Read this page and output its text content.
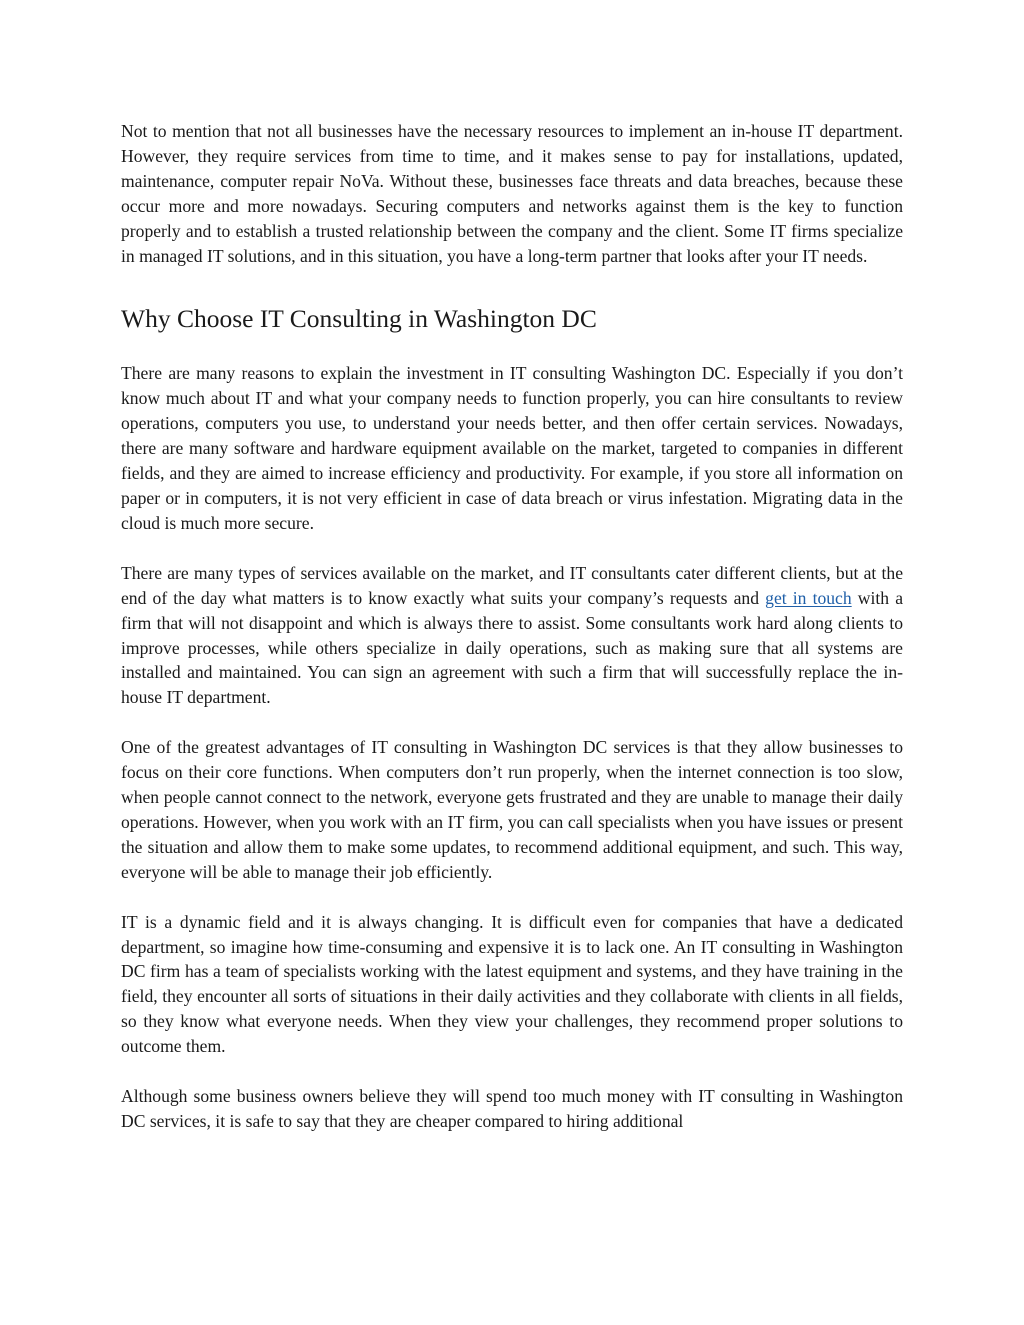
Not to mention that not all businesses have the necessary resources to implement an in-house IT department. However, they require services from time to time, and it makes sense to pay for installations, updated, maintenance, computer repair NoVa. Without these, businesses face threats and data breaches, because these occur more and more nowadays. Securing computers and networks against them is the key to function properly and to establish a trusted relationship between the company and the client. Some IT firms specialize in managed IT solutions, and in this situation, you have a long-term partner that looks after your IT needs.

Why Choose IT Consulting in Washington DC

There are many reasons to explain the investment in IT consulting Washington DC. Especially if you don’t know much about IT and what your company needs to function properly, you can hire consultants to review operations, computers you use, to understand your needs better, and then offer certain services. Nowadays, there are many software and hardware equipment available on the market, targeted to companies in different fields, and they are aimed to increase efficiency and productivity. For example, if you store all information on paper or in computers, it is not very efficient in case of data breach or virus infestation. Migrating data in the cloud is much more secure.

There are many types of services available on the market, and IT consultants cater different clients, but at the end of the day what matters is to know exactly what suits your company’s requests and get in touch with a firm that will not disappoint and which is always there to assist. Some consultants work hard along clients to improve processes, while others specialize in daily operations, such as making sure that all systems are installed and maintained. You can sign an agreement with such a firm that will successfully replace the in-house IT department.

One of the greatest advantages of IT consulting in Washington DC services is that they allow businesses to focus on their core functions. When computers don’t run properly, when the internet connection is too slow, when people cannot connect to the network, everyone gets frustrated and they are unable to manage their daily operations. However, when you work with an IT firm, you can call specialists when you have issues or present the situation and allow them to make some updates, to recommend additional equipment, and such. This way, everyone will be able to manage their job efficiently.

IT is a dynamic field and it is always changing. It is difficult even for companies that have a dedicated department, so imagine how time-consuming and expensive it is to lack one. An IT consulting in Washington DC firm has a team of specialists working with the latest equipment and systems, and they have training in the field, they encounter all sorts of situations in their daily activities and they collaborate with clients in all fields, so they know what everyone needs. When they view your challenges, they recommend proper solutions to outcome them.

Although some business owners believe they will spend too much money with IT consulting in Washington DC services, it is safe to say that they are cheaper compared to hiring additional
